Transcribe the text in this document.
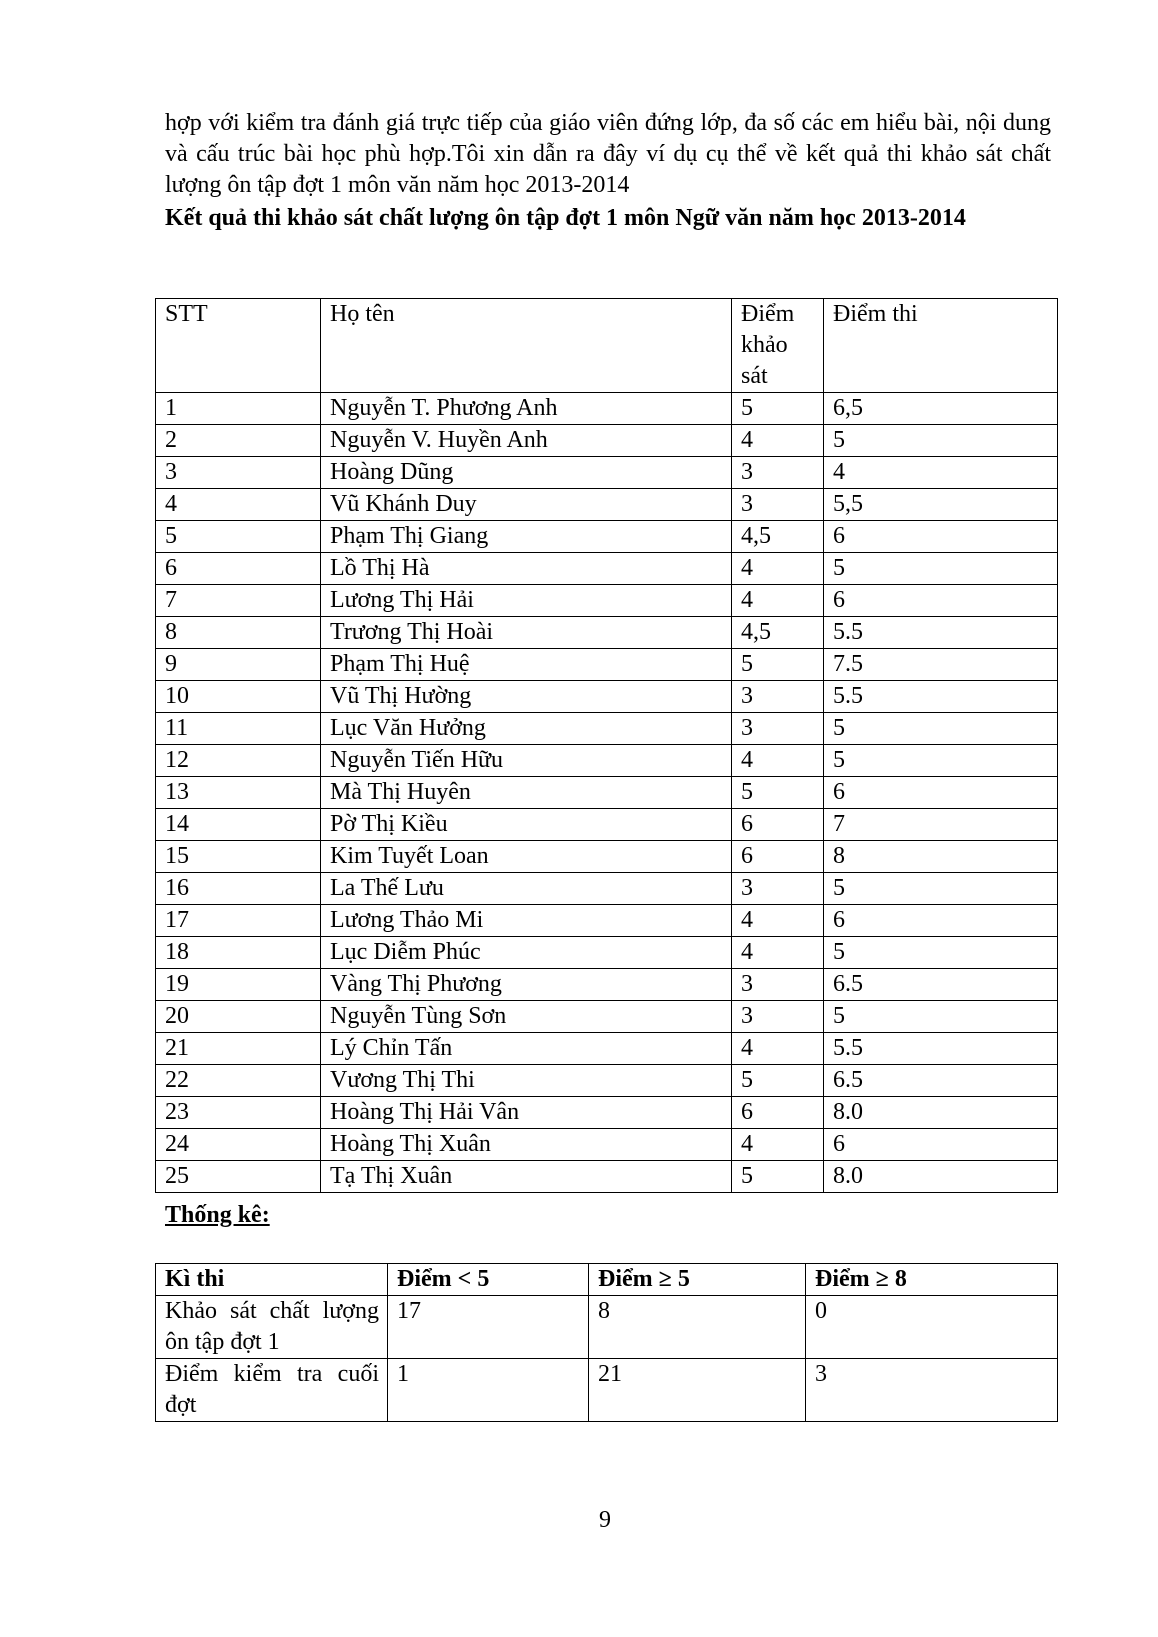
hợp với kiểm tra đánh giá trực tiếp của giáo viên đứng lớp, đa số các em hiểu bài, nội dung và cấu trúc bài học phù hợp.Tôi xin dẫn ra đây ví dụ cụ thể về kết quả thi khảo sát chất lượng ôn tập đợt 1 môn văn năm học 2013-2014
Kết quả thi khảo sát chất lượng ôn tập đợt 1 môn Ngữ văn năm học 2013-2014
STT	Họ tên	Điểm khảo sát	Điểm thi
1	Nguyễn T. Phương Anh	5	6,5
2	Nguyễn V. Huyền Anh	4	5
3	Hoàng Dũng	3	4
4	Vũ Khánh Duy	3	5,5
5	Phạm Thị Giang	4,5	6
6	Lồ Thị Hà	4	5
7	Lương Thị Hải	4	6
8	Trương Thị Hoài	4,5	5.5
9	Phạm Thị Huệ	5	7.5
10	Vũ Thị Hường	3	5.5
11	Lục Văn Hưởng	3	5
12	Nguyễn Tiến Hữu	4	5
13	Mà Thị Huyên	5	6
14	Pờ Thị Kiều	6	7
15	Kim Tuyết Loan	6	8
16	La Thế Lưu	3	5
17	Lương Thảo Mi	4	6
18	Lục Diễm Phúc	4	5
19	Vàng Thị Phương	3	6.5
20	Nguyễn Tùng Sơn	3	5
21	Lý Chỉn Tấn	4	5.5
22	Vương Thị Thi	5	6.5
23	Hoàng Thị Hải Vân	6	8.0
24	Hoàng Thị Xuân	4	6
25	Tạ Thị Xuân	5	8.0
Thống kê:
Kì thi	Điểm < 5	Điểm ≥ 5	Điểm ≥ 8
Khảo sát chất lượng ôn tập đợt 1	17	8	0
Điểm kiểm tra cuối đợt	1	21	3
9
